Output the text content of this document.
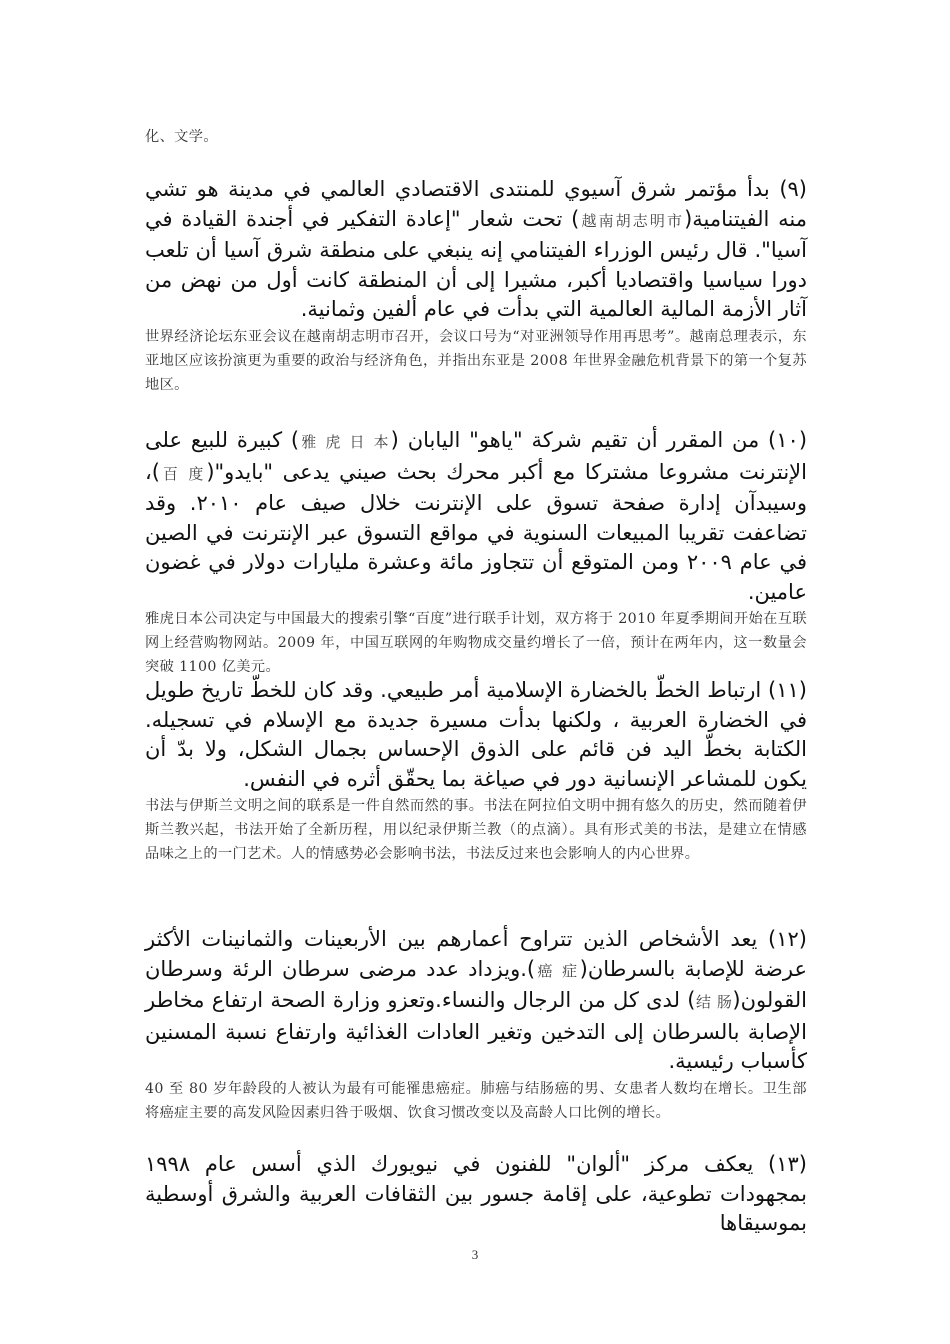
化、文学。

(٩) بدأ مؤتمر شرق آسيوي للمنتدى الاقتصادي العالمي في مدينة هو تشي منه الفيتنامية(越南胡志明市) تحت شعار "إعادة التفكير في أجندة القيادة في آسيا". قال رئيس الوزراء الفيتنامي إنه ينبغي على منطقة شرق آسيا أن تلعب دورا سياسيا واقتصاديا أكبر، مشيرا إلى أن المنطقة كانت أول من نهض من آثار الأزمة المالية العالمية التي بدأت في عام ألفين وثمانية.

世界经济论坛东亚会议在越南胡志明市召开，会议口号为“对亚洲领导作用再思考”。越南总理表示，东亚地区应该扮演更为重要的政治与经济角色，并指出东亚是 2008 年世界金融危机背景下的第一个复苏地区。

(١٠) من المقرر أن تقيم شركة "ياهو" اليابان (雅 虎 日 本) كبيرة للبيع على الإنترنت مشروعا مشتركا مع أكبر محرك بحث صيني يدعى "بايدو"(百 度)، وسيبدآن إدارة صفحة تسوق على الإنترنت خلال صيف عام ٢٠١٠. وقد تضاعفت تقريبا المبيعات السنوية في مواقع التسوق عبر الإنترنت في الصين في عام ٢٠٠٩ ومن المتوقع أن تتجاوز مائة وعشرة مليارات دولار في غضون عامين.

雅虎日本公司决定与中国最大的搜索引擎“百度”进行联手计划，双方将于 2010 年夏季期间开始在互联网上经营购物网站。2009 年，中国互联网的年购物成交量约增长了一倍，预计在两年内，这一数量会突破 1100 亿美元。

(١١) ارتباط الخطّ بالخضارة الإسلامية أمر طبيعي. وقد كان للخطّ تاريخ طويل في الخضارة العربية ، ولكنها بدأت مسيرة جديدة مع الإسلام في تسجيله. الكتابة بخطّ اليد فن قائم على الذوق الإحساس بجمال الشكل، ولا بدّ أن يكون للمشاعر الإنسانية دور في صياغة بما يحقّق أثره في النفس.

书法与伊斯兰文明之间的联系是一件自然而然的事。书法在阿拉伯文明中拥有悠久的历史，然而随着伊斯兰教兴起，书法开始了全新历程，用以纪录伊斯兰教（的点滴）。具有形式美的书法，是建立在情感品味之上的一门艺术。人的情感势必会影响书法，书法反过来也会影响人的内心世界。

(١٢) يعد الأشخاص الذين تتراوح أعمارهم بين الأربعينات والثمانينات الأكثر عرضة للإصابة بالسرطان(癌 症).ويزداد عدد مرضى سرطان الرئة وسرطان القولون(结 肠) لدى كل من الرجال والنساء.وتعزو وزارة الصحة ارتفاع مخاطر الإصابة بالسرطان إلى التدخين وتغير العادات الغذائية وارتفاع نسبة المسنين كأسباب رئيسية.

40 至 80 岁年龄段的人被认为最有可能罹患癌症。肺癌与结肠癌的男、女患者人数均在增长。卫生部将癌症主要的高发风险因素归咎于吸烟、饮食习惯改变以及高龄人口比例的增长。

(١٣) يعكف مركز "ألوان" للفنون في نيويورك الذي أسس عام ١٩٩٨ بمجهودات تطوعية، على إقامة جسور بين الثقافات العربية والشرق أوسطية بموسيقاها

3
